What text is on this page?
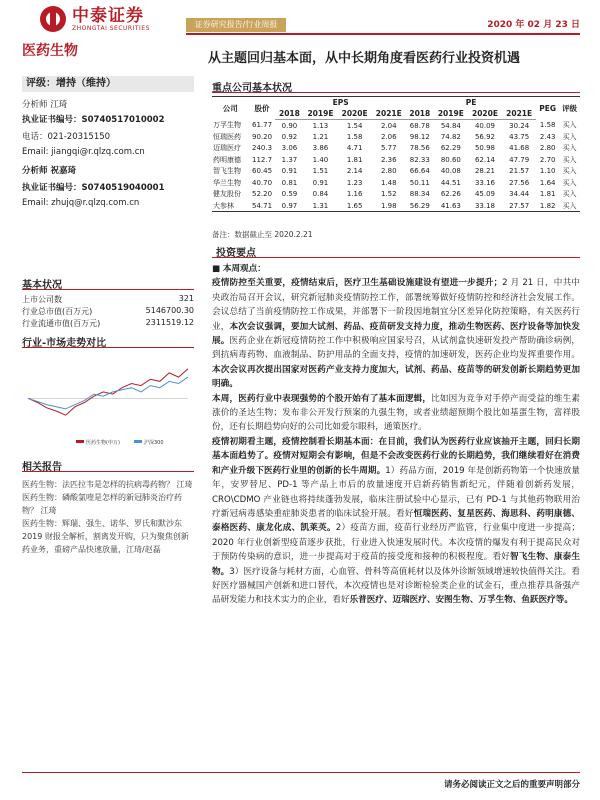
中泰证券
ZHONGTAI SECURITIES	证券研究报告/行业周报	2020 年 02 月 23 日
医药生物	从主题回归基本面，从中长期角度看医药行业投资机遇
评级：增持（维持）
分析师 江琦
执业证书编号：S0740517010002
电话：021-20315150
Email: jiangqi@r.qlzq.com.cn
分析师 祝嘉琦
执业证书编号：S0740519040001
Email: zhujq@r.qlzq.com.cn
基本状况
上市公司数	321
行业总市值(百万元)	5146700.30
行业流通市值(百万元)	2311519.12
行业-市场走势对比
医药生物(申万)	沪深300
相关报告
医药生物：法匹拉韦是怎样的抗病毒药物？ 江琦
医药生物：磷酸氯喹是怎样的新冠肺炎治疗药物？ 江琦
医药生物：辉瑞、强生、诺华、罗氏和默沙东 2019 财报全解析，割离发开购，只为聚焦创新药业务，重磅产品快速放量，江琦/赵磊
重点公司基本状况
公司	股价	EPS				PE				PEG	评级
		2018	2019E	2020E	2021E	2018	2019E	2020E	2021E		
万孚生物	61.77	0.90	1.13	1.54	2.04	68.78	54.84	40.09	30.24	1.58	买入
恒瑞医药	90.20	0.92	1.21	1.58	2.06	98.12	74.82	56.92	43.75	2.43	买入
迈瑞医疗	240.3	3.06	3.86	4.71	5.77	78.56	62.29	50.98	41.68	2.80	买入
药明康德	112.7	1.37	1.40	1.81	2.36	82.33	80.60	62.14	47.79	2.70	买入
智飞生物	60.45	0.91	1.51	2.14	2.80	66.64	40.08	28.21	21.57	1.10	买入
华兰生物	40.70	0.81	0.91	1.23	1.48	50.11	44.51	33.16	27.56	1.64	买入
健友股份	52.20	0.59	0.84	1.16	1.52	88.34	62.26	45.09	34.44	1.81	买入
大参林	54.71	0.97	1.31	1.65	1.98	56.29	41.63	33.18	27.57	1.82	买入
备注：数据截止至 2020.2.21
投资要点

■ 本周观点：

疫情防控至关重要，疫情结束后，医疗卫生基础设施建设有望进一步提升；2 月 21 日，中共中央政治局召开会议，研究新冠肺炎疫情防控工作，部署统筹做好疫情防控和经济社会发展工作。会议总结了当前疫情防控工作成果，并部署下一阶段因地制宜分区差异化防控策略，有关医药行业，本次会议强调，要加大试剂、药品、疫苗研发支持力度，推动生物医药、医疗设备等加快发展。医药企业在新冠疫情防控工作中积极响应国家号召，从试剂盒快速研发投产帮助确诊病例，到抗病毒药物、血液制品、防护用品的全面支持，疫情的加速研发，医药企业均发挥重要作用。本次会议再次提出国家对医药产业支持力度加大，试剂、药品、疫苗等的研发创新长期趋势更加明确。

本周，医药行业中表现强势的个股开始有了基本面逻辑，比如因为竞争对手停产而受益的维生素涨价的圣达生物；发布非公开发行预案的九强生物，或者业绩超预期个股比如基蛋生物，富祥股份，还有长期趋势向好的公司比如爱尔眼科，通策医疗。

疫情初期看主题，疫情控制看长期基本面：在目前，我们认为医药行业应该抽开主题，回归长期基本面趋势了。疫情对短期会有影响，但是不会改变医药行业的长期趋势，我们继续看好在消费和产业升级下医药行业里的创新的长牛周期。1）药品方面，2019 年是创新药物第一个快速放量年，安罗替尼、PD-1 等产品上市后的放量速度开启新药销售新纪元，伴随着创新药发展，CRO\CDMO 产业链也将持续蓬勃发展，临床注册试验中心显示，已有 PD-1 与其他药物联用治疗新冠病毒感染重症肺炎患者的临床试验开展。看好恒瑞医药、复星医药、海思科、药明康德、泰格医药、康龙化成、凯莱英。2）疫苗方面，疫苗行业经历严监管，行业集中度进一步提高；2020 年行业创新型疫苗逐步获批，行业进入快速发展时代。本次疫情的爆发有利于提高民众对于预防传染病的意识，进一步提高对于疫苗的接受度和接种的积极程度。看好智飞生物、康泰生物。3）医疗设备与耗材方面，心血管、骨科等高值耗材以及体外诊断领域增速较快值得关注。看好医疗器械国产创新和进口替代，本次疫情也是对诊断检验类企业的试金石，重点推荐具备强产品研发能力和技术实力的企业，看好乐普医疗、迈瑞医疗、安图生物、万孚生物、鱼跃医疗等。

请务必阅读正文之后的重要声明部分
